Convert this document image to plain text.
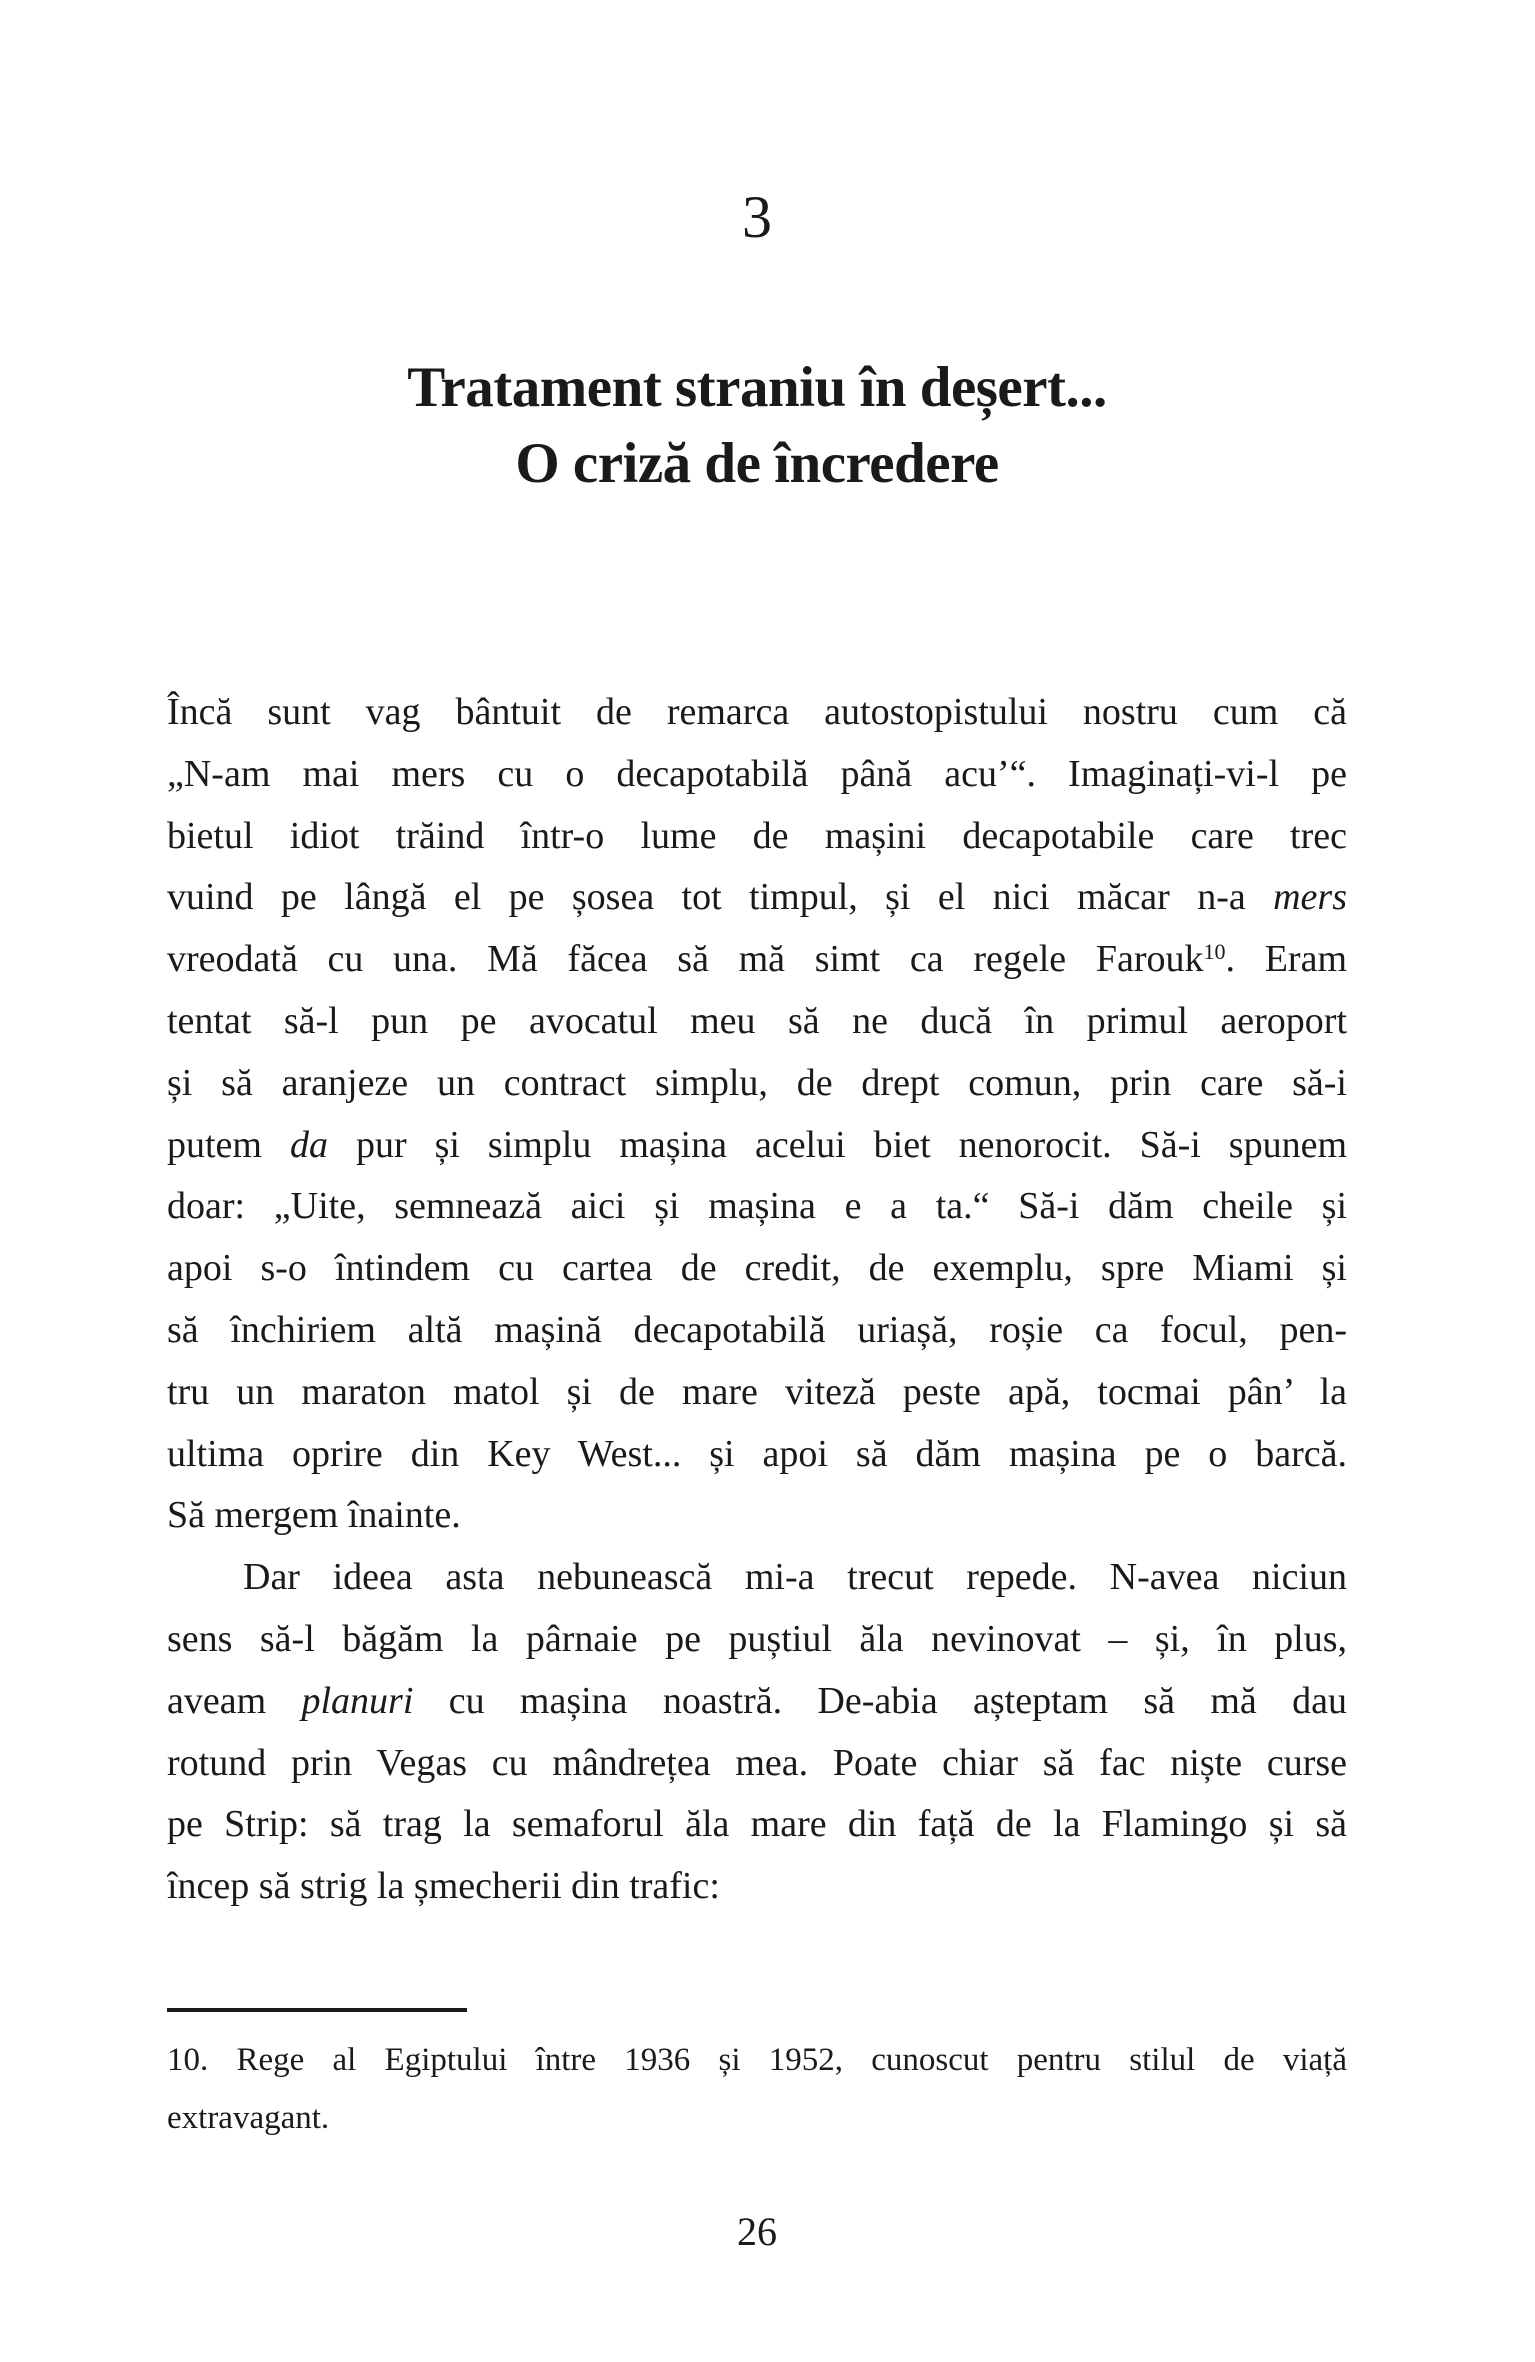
3
Tratament straniu în deșert...
O criză de încredere
Încă sunt vag bântuit de remarca autostopistului nostru cum că
„N-am mai mers cu o decapotabilă până acu’“. Imaginați-vi-l pe
bietul idiot trăind într-o lume de mașini decapotabile care trec
vuind pe lângă el pe șosea tot timpul, și el nici măcar n-a mers
vreodată cu una. Mă făcea să mă simt ca regele Farouk$^{10}$. Eram
tentat să-l pun pe avocatul meu să ne ducă în primul aeroport
și să aranjeze un contract simplu, de drept comun, prin care să-i
putem da pur și simplu mașina acelui biet nenorocit. Să-i spunem
doar: „Uite, semnează aici și mașina e a ta.“ Să-i dăm cheile și
apoi s-o întindem cu cartea de credit, de exemplu, spre Miami și
să închiriem altă mașină decapotabilă uriașă, roșie ca focul, pen-
tru un maraton matol și de mare viteză peste apă, tocmai pân’ la
ultima oprire din Key West... și apoi să dăm mașina pe o barcă.
Să mergem înainte.
Dar ideea asta nebunească mi-a trecut repede. N-avea niciun
sens să-l băgăm la pârnaie pe puștiul ăla nevinovat – și, în plus,
aveam planuri cu mașina noastră. De-abia așteptam să mă dau
rotund prin Vegas cu mândrețea mea. Poate chiar să fac niște curse
pe Strip: să trag la semaforul ăla mare din față de la Flamingo și să
încep să strig la șmecherii din trafic:
10. Rege al Egiptului între 1936 și 1952, cunoscut pentru stilul de viață
extravagant.
26
